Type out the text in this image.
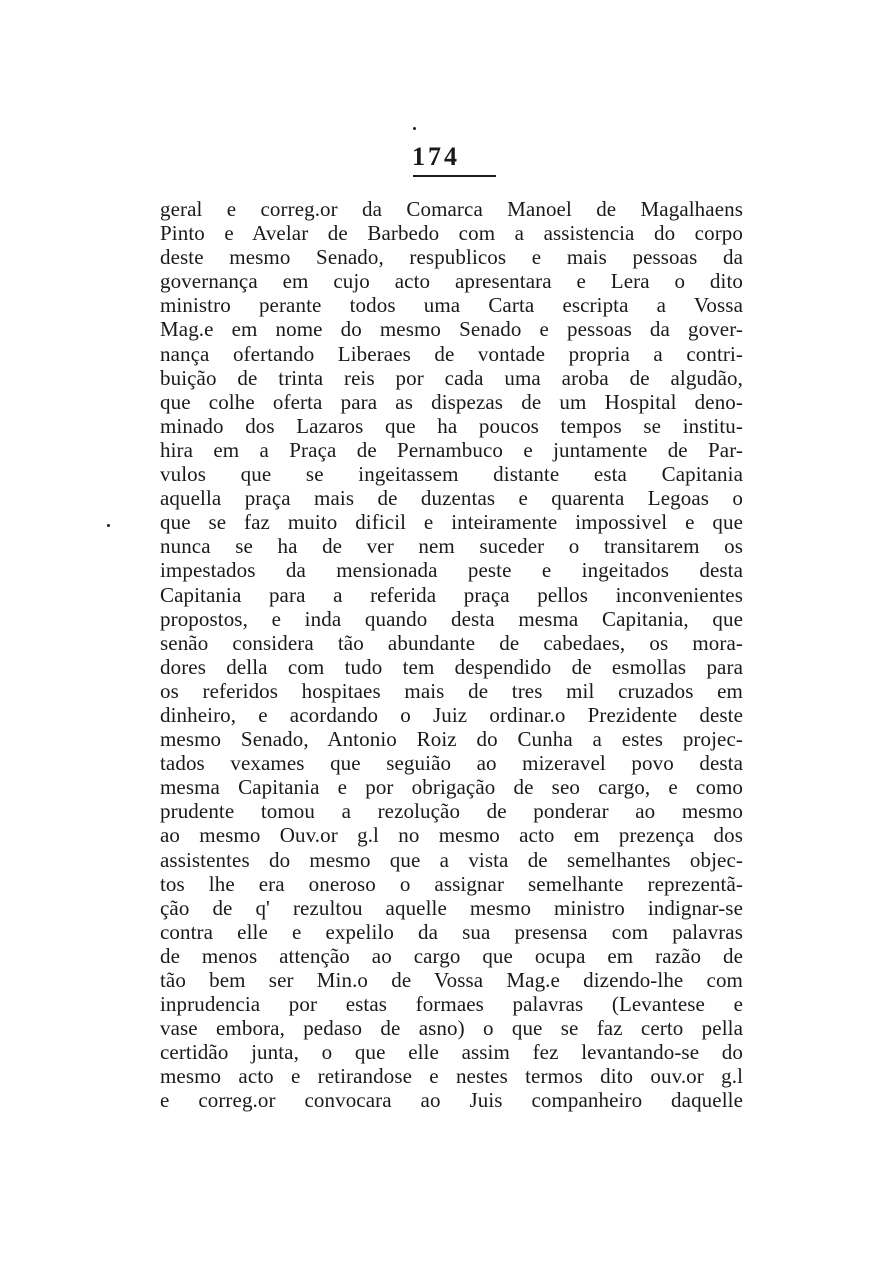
174
geral e correg.or da Comarca Manoel de Magalhaens
Pinto e Avelar de Barbedo com a assistencia do corpo
deste mesmo Senado, respublicos e mais pessoas da
governança em cujo acto apresentara e Lera o dito
ministro perante todos uma Carta escripta a Vossa
Mag.e em nome do mesmo Senado e pessoas da gover-
nança ofertando Liberaes de vontade propria a contri-
buição de trinta reis por cada uma aroba de algudão,
que colhe oferta para as dispezas de um Hospital deno-
minado dos Lazaros que ha poucos tempos se institu-
hira em a Praça de Pernambuco e juntamente de Par-
vulos que se ingeitassem distante esta Capitania
aquella praça mais de duzentas e quarenta Legoas o
que se faz muito dificil e inteiramente impossivel e que
nunca se ha de ver nem suceder o transitarem os
impestados da mensionada peste e ingeitados desta
Capitania para a referida praça pellos inconvenientes
propostos, e inda quando desta mesma Capitania, que
senão considera tão abundante de cabedaes, os mora-
dores della com tudo tem despendido de esmollas para
os referidos hospitaes mais de tres mil cruzados em
dinheiro, e acordando o Juiz ordinar.o Prezidente deste
mesmo Senado, Antonio Roiz do Cunha a estes projec-
tados vexames que seguião ao mizeravel povo desta
mesma Capitania e por obrigação de seo cargo, e como
prudente tomou a rezolução de ponderar ao mesmo
ao mesmo Ouv.or g.l no mesmo acto em prezença dos
assistentes do mesmo que a vista de semelhantes objec-
tos lhe era oneroso o assignar semelhante reprezentã-
ção de q' rezultou aquelle mesmo ministro indignar-se
contra elle e expelilo da sua presensa com palavras
de menos attenção ao cargo que ocupa em razão de
tão bem ser Min.o de Vossa Mag.e dizendo-lhe com
inprudencia por estas formaes palavras (Levantese e
vase embora, pedaso de asno) o que se faz certo pella
certidão junta, o que elle assim fez levantando-se do
mesmo acto e retirandose e nestes termos dito ouv.or g.l
e correg.or convocara ao Juis companheiro daquelle
